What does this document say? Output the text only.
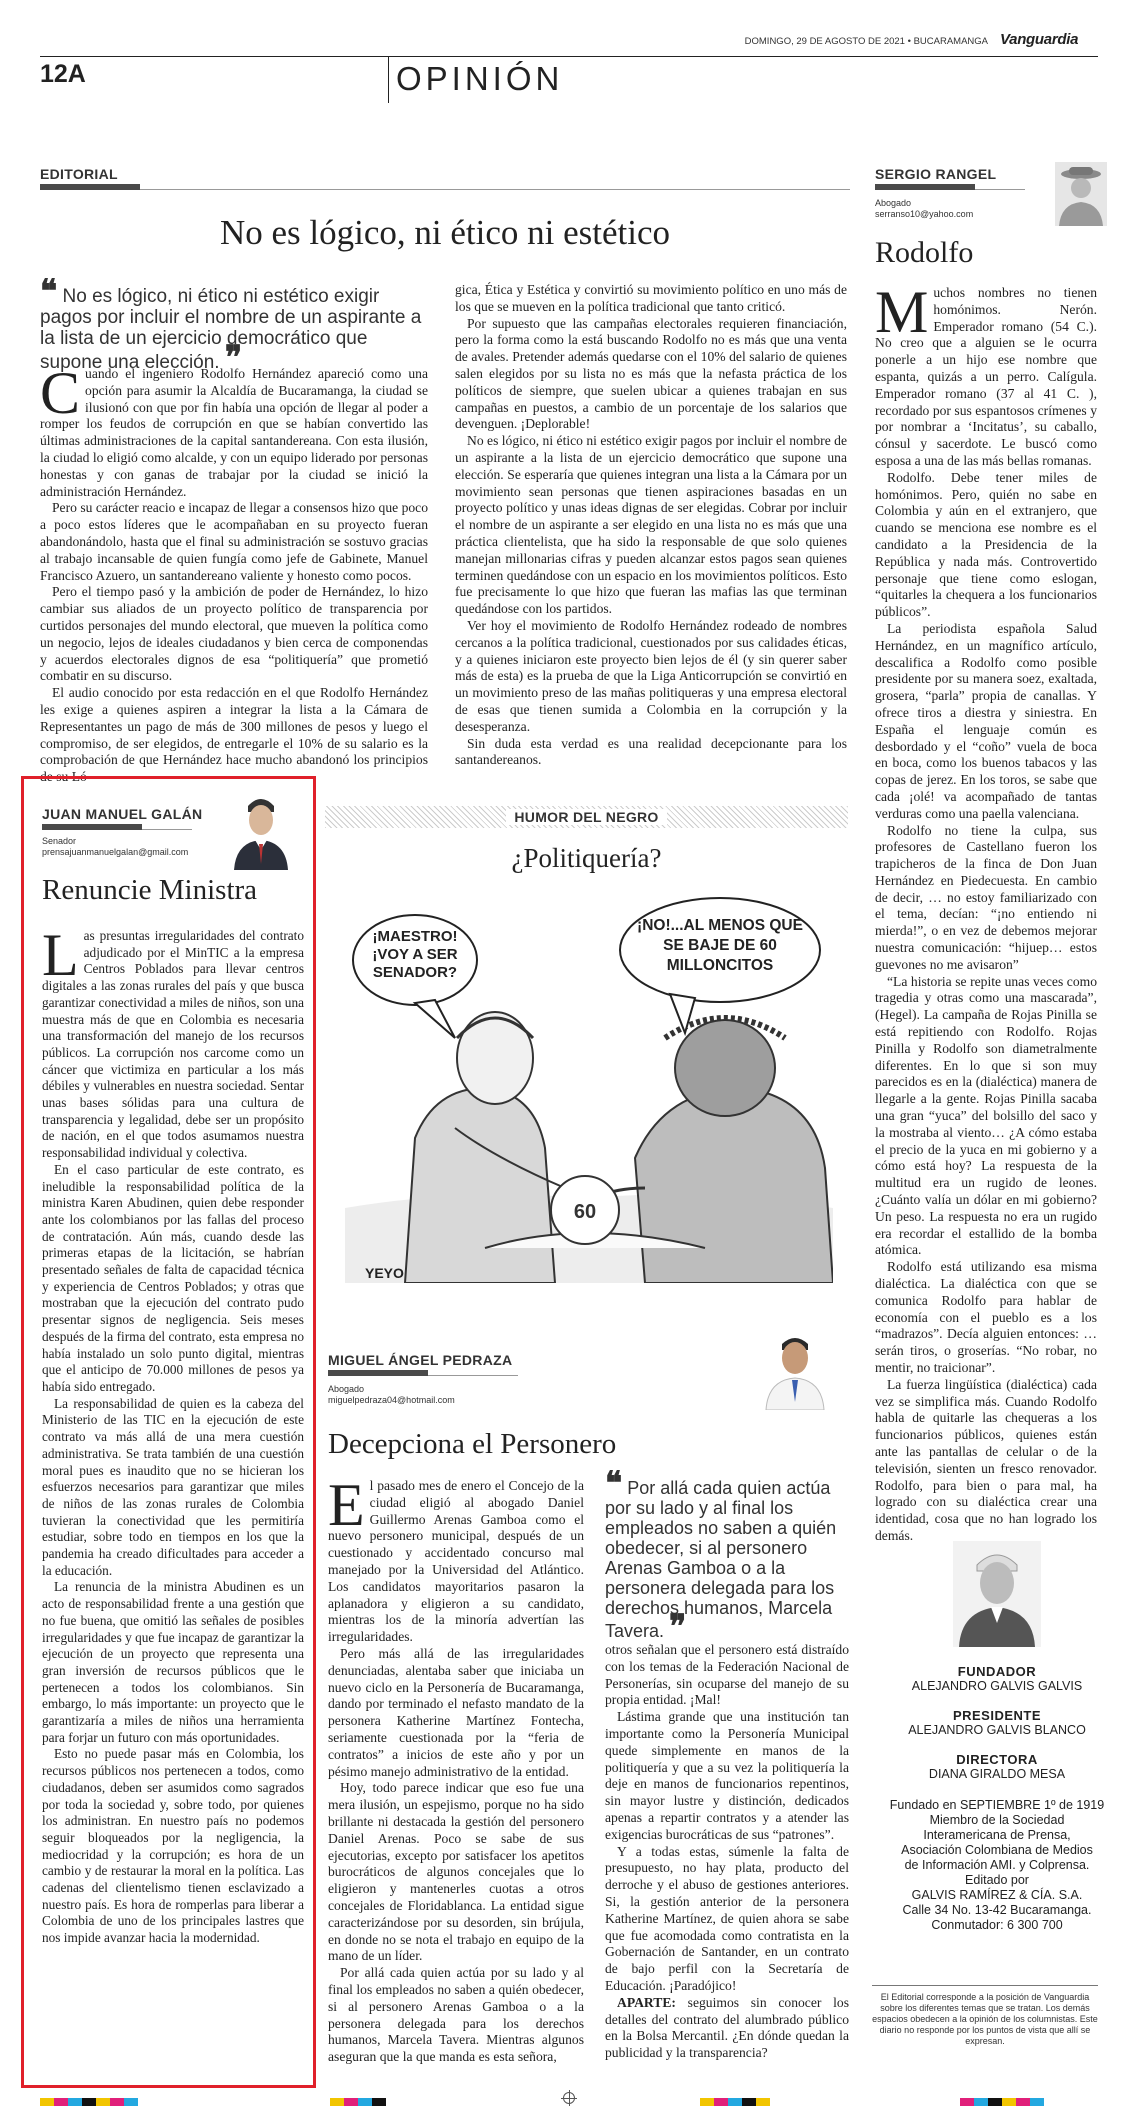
DOMINGO, 29 DE AGOSTO DE 2021 • BUCARAMANGA Vanguardia
12A	OPINIÓN
EDITORIAL
No es lógico, ni ético ni estético
❝ No es lógico, ni ético ni estético exigir pagos por incluir el nombre de un aspirante a la lista de un ejercicio democrático que supone una elección. ❞
C uando el ingeniero Rodolfo Hernández apareció como una opción para asumir la Alcaldía de Bucaramanga, la ciudad se ilusionó con que por fin había una opción de llegar al poder a romper los feudos de corrupción en que se habían convertido las últimas administraciones de la capital santandereana. Con esta ilusión, la ciudad lo eligió como alcalde, y con un equipo liderado por personas honestas y con ganas de trabajar por la ciudad se inició la administración Hernández.

Pero su carácter reacio e incapaz de llegar a consensos hizo que poco a poco estos líderes que le acompañaban en su proyecto fueran abandonándolo, hasta que el final su administración se sostuvo gracias al trabajo incansable de quien fungía como jefe de Gabinete, Manuel Francisco Azuero, un santandereano valiente y honesto como pocos.

Pero el tiempo pasó y la ambición de poder de Hernández, lo hizo cambiar sus aliados de un proyecto político de transparencia por curtidos personajes del mundo electoral, que mueven la política como un negocio, lejos de ideales ciudadanos y bien cerca de componendas y acuerdos electorales dignos de esa “politiquería” que prometió combatir en su discurso.

El audio conocido por esta redacción en el que Rodolfo Hernández les exige a quienes aspiren a integrar la lista a la Cámara de Representantes un pago de más de 300 millones de pesos y luego el compromiso, de ser elegidos, de entregarle el 10% de su salario es la comprobación de que Hernández hace mucho abandonó los principios de su Ló-

gica, Ética y Estética y convirtió su movimiento político en uno más de los que se mueven en la política tradicional que tanto criticó.

Por supuesto que las campañas electorales requieren financiación, pero la forma como la está buscando Rodolfo no es más que una venta de avales. Pretender además quedarse con el 10% del salario de quienes salen elegidos por su lista no es más que la nefasta práctica de los políticos de siempre, que suelen ubicar a quienes trabajan en sus campañas en puestos, a cambio de un porcentaje de los salarios que devenguen. ¡Deplorable!

No es lógico, ni ético ni estético exigir pagos por incluir el nombre de un aspirante a la lista de un ejercicio democrático que supone una elección. Se esperaría que quienes integran una lista a la Cámara por un movimiento sean personas que tienen aspiraciones basadas en un proyecto político y unas ideas dignas de ser elegidas. Cobrar por incluir el nombre de un aspirante a ser elegido en una lista no es más que una práctica clientelista, que ha sido la responsable de que solo quienes manejan millonarias cifras y pueden alcanzar estos pagos sean quienes terminen quedándose con un espacio en los movimientos políticos. Esto fue precisamente lo que hizo que fueran las mafias las que terminan quedándose con los partidos.

Ver hoy el movimiento de Rodolfo Hernández rodeado de nombres cercanos a la política tradicional, cuestionados por sus calidades éticas, y a quienes iniciaron este proyecto bien lejos de él (y sin querer saber más de esta) es la prueba de que la Liga Anticorrupción se convirtió en un movimiento preso de las mañas politiqueras y una empresa electoral de esas que tienen sumida a Colombia en la corrupción y la desesperanza.

Sin duda esta verdad es una realidad decepcionante para los santandereanos.

SERGIO RANGEL
Abogado
serranso10@yahoo.com
Rodolfo
M uchos nombres no tienen homónimos. Nerón. Emperador romano (54 C.). No creo que a alguien se le ocurra ponerle a un hijo ese nombre que espanta, quizás a un perro. Calígula. Emperador romano (37 al 41 C. ), recordado por sus espantosos crímenes y por nombrar a ‘Incitatus’, su caballo, cónsul y sacerdote. Le buscó como esposa a una de las más bellas romanas.

Rodolfo. Debe tener miles de homónimos. Pero, quién no sabe en Colombia y aún en el extranjero, que cuando se menciona ese nombre es el candidato a la Presidencia de la República y nada más. Controvertido personaje que tiene como eslogan, “quitarles la chequera a los funcionarios públicos”.

La periodista española Salud Hernández, en un magnífico artículo, descalifica a Rodolfo como posible presidente por su manera soez, exaltada, grosera, “parla” propia de canallas. Y ofrece tiros a diestra y siniestra. En España el lenguaje común es desbordado y el “coño” vuela de boca en boca, como los buenos tabacos y las copas de jerez. En los toros, se sabe que cada ¡olé! va acompañado de tantas verduras como una paella valenciana.

Rodolfo no tiene la culpa, sus profesores de Castellano fueron los trapicheros de la finca de Don Juan Hernández en Piedecuesta. En cambio de decir, … no estoy familiarizado con el tema, decían: “¡no entiendo ni mierda!”, o en vez de debemos mejorar nuestra comunicación: “hijuep… estos guevones no me avisaron”

“La historia se repite unas veces como tragedia y otras como una mascarada”, (Hegel). La campaña de Rojas Pinilla se está repitiendo con Rodolfo. Rojas Pinilla y Rodolfo son diametralmente diferentes. En lo que si son muy parecidos es en la (dialéctica) manera de llegarle a la gente. Rojas Pinilla sacaba una gran “yuca” del bolsillo del saco y la mostraba al viento… ¿A cómo estaba el precio de la yuca en mi gobierno y a cómo está hoy? La respuesta de la multitud era un rugido de leones. ¿Cuánto valía un dólar en mi gobierno? Un peso. La respuesta no era un rugido era recordar el estallido de la bomba atómica.

Rodolfo está utilizando esa misma dialéctica. La dialéctica con que se comunica Rodolfo para hablar de economía con el pueblo es a los “madrazos”. Decía alguien entonces: … serán tiros, o groserías. “No robar, no mentir, no traicionar”.

La fuerza lingüística (dialéctica) cada vez se simplifica más. Cuando Rodolfo habla de quitarle las chequeras a los funcionarios públicos, quienes están ante las pantallas de celular o de la televisión, sienten un fresco renovador. Rodolfo, para bien o para mal, ha logrado con su dialéctica crear una identidad, cosa que no han logrado los demás.

JUAN MANUEL GALÁN
Senador
prensajuanmanuelgalan@gmail.com
Renuncie Ministra
L as presuntas irregularidades del contrato adjudicado por el MinTIC a la empresa Centros Poblados para llevar centros digitales a las zonas rurales del país y que busca garantizar conectividad a miles de niños, son una muestra más de que en Colombia es necesaria una transformación del manejo de los recursos públicos. La corrupción nos carcome como un cáncer que victimiza en particular a los más débiles y vulnerables en nuestra sociedad. Sentar unas bases sólidas para una cultura de transparencia y legalidad, debe ser un propósito de nación, en el que todos asumamos nuestra responsabilidad individual y colectiva.

En el caso particular de este contrato, es ineludible la responsabilidad política de la ministra Karen Abudinen, quien debe responder ante los colombianos por las fallas del proceso de contratación. Aún más, cuando desde las primeras etapas de la licitación, se habrían presentado señales de falta de capacidad técnica y experiencia de Centros Poblados; y otras que mostraban que la ejecución del contrato pudo presentar signos de negligencia. Seis meses después de la firma del contrato, esta empresa no había instalado un solo punto digital, mientras que el anticipo de 70.000 millones de pesos ya había sido entregado.

La responsabilidad de quien es la cabeza del Ministerio de las TIC en la ejecución de este contrato va más allá de una mera cuestión administrativa. Se trata también de una cuestión moral pues es inaudito que no se hicieran los esfuerzos necesarios para garantizar que miles de niños de las zonas rurales de Colombia tuvieran la conectividad que les permitiría estudiar, sobre todo en tiempos en los que la pandemia ha creado dificultades para acceder a la educación.

La renuncia de la ministra Abudinen es un acto de responsabilidad frente a una gestión que no fue buena, que omitió las señales de posibles irregularidades y que fue incapaz de garantizar la ejecución de un proyecto que representa una gran inversión de recursos públicos que le pertenecen a todos los colombianos. Sin embargo, lo más importante: un proyecto que le garantizaría a miles de niños una herramienta para forjar un futuro con más oportunidades.

Esto no puede pasar más en Colombia, los recursos públicos nos pertenecen a todos, como ciudadanos, deben ser asumidos como sagrados por toda la sociedad y, sobre todo, por quienes los administran. En nuestro país no podemos seguir bloqueados por la negligencia, la mediocridad y la corrupción; es hora de un cambio y de restaurar la moral en la política. Las cadenas del clientelismo tienen esclavizado a nuestro país. Es hora de romperlas para liberar a Colombia de uno de los principales lastres que nos impide avanzar hacia la modernidad.

HUMOR DEL NEGRO
¿Politiquería?
60
YEYO
¡MAESTRO! ¡VOY A SER SENADOR?
¡NO!...AL MENOS QUE SE BAJE DE 60 MILLONCITOS
MIGUEL ÁNGEL PEDRAZA
Abogado
miguelpedraza04@hotmail.com
Decepciona el Personero
E l pasado mes de enero el Concejo de la ciudad eligió al abogado Daniel Guillermo Arenas Gamboa como el nuevo personero municipal, después de un cuestionado y accidentado concurso mal manejado por la Universidad del Atlántico. Los candidatos mayoritarios pasaron la aplanadora y eligieron a su candidato, mientras los de la minoría advertían las irregularidades.

Pero más allá de las irregularidades denunciadas, alentaba saber que iniciaba un nuevo ciclo en la Personería de Bucaramanga, dando por terminado el nefasto mandato de la personera Katherine Martínez Fontecha, seriamente cuestionada por la “feria de contratos” a inicios de este año y por un pésimo manejo administrativo de la entidad.

Hoy, todo parece indicar que eso fue una mera ilusión, un espejismo, porque no ha sido brillante ni destacada la gestión del personero Daniel Arenas. Poco se sabe de sus ejecutorias, excepto por satisfacer los apetitos burocráticos de algunos concejales que lo eligieron y mantenerles cuotas a otros concejales de Floridablanca. La entidad sigue caracterizándose por su desorden, sin brújula, en donde no se nota el trabajo en equipo de la mano de un líder.

Por allá cada quien actúa por su lado y al final los empleados no saben a quién obedecer, si al personero Arenas Gamboa o a la personera delegada para los derechos humanos, Marcela Tavera. Mientras algunos aseguran que la que manda es esta señora,

❝ Por allá cada quien actúa por su lado y al final los empleados no saben a quién obedecer, si al personero Arenas Gamboa o a la personera delegada para los derechos humanos, Marcela Tavera. ❞

otros señalan que el personero está distraído con los temas de la Federación Nacional de Personerías, sin ocuparse del manejo de su propia entidad. ¡Mal!

Lástima grande que una institución tan importante como la Personería Municipal quede simplemente en manos de la politiquería y que a su vez la politiquería la deje en manos de funcionarios repentinos, sin mayor lustre y distinción, dedicados apenas a repartir contratos y a atender las exigencias burocráticas de sus “patrones”.

Y a todas estas, súmenle la falta de presupuesto, no hay plata, producto del derroche y el abuso de gestiones anteriores. Si, la gestión anterior de la personera Katherine Martínez, de quien ahora se sabe que fue acomodada como contratista en la Gobernación de Santander, en un contrato de bajo perfil con la Secretaría de Educación. ¡Paradójico!

APARTE: seguimos sin conocer los detalles del contrato del alumbrado público en la Bolsa Mercantil. ¿En dónde quedan la publicidad y la transparencia?

FUNDADOR
ALEJANDRO GALVIS GALVIS
PRESIDENTE
ALEJANDRO GALVIS BLANCO
DIRECTORA
DIANA GIRALDO MESA
Fundado en SEPTIEMBRE 1º de 1919
Miembro de la Sociedad
Interamericana de Prensa,
Asociación Colombiana de Medios
de Información AMI. y Colprensa.
Editado por
GALVIS RAMÍREZ & CÍA. S.A.
Calle 34 No. 13-42 Bucaramanga.
Conmutador: 6 300 700
El Editorial corresponde a la posición de Vanguardia sobre los diferentes temas que se tratan. Los demás espacios obedecen a la opinión de los columnistas. Este diario no responde por los puntos de vista que allí se expresan.
